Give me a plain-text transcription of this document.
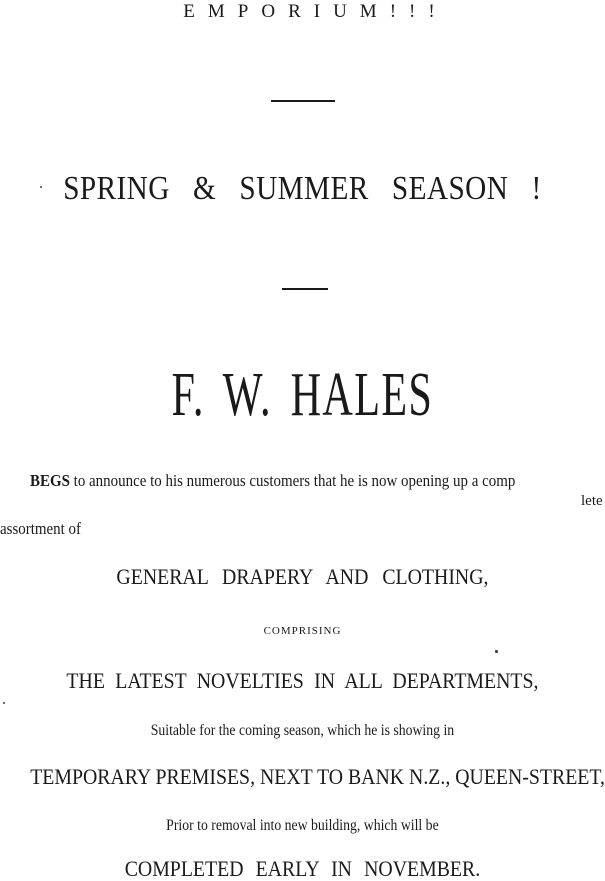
EMPORIUM!!!
SPRING & SUMMER SEASON !
F. W. HALES
BEGS to announce to his numerous customers that he is now opening up a comp
lete
assortment of
GENERAL DRAPERY AND CLOTHING,
COMPRISING
THE LATEST NOVELTIES IN ALL DEPARTMENTS,
Suitable for the coming season, which he is showing in
TEMPORARY PREMISES, NEXT TO BANK N.Z., QUEEN-STREET,
Prior to removal into new building, which will be
COMPLETED EARLY IN NOVEMBER.
